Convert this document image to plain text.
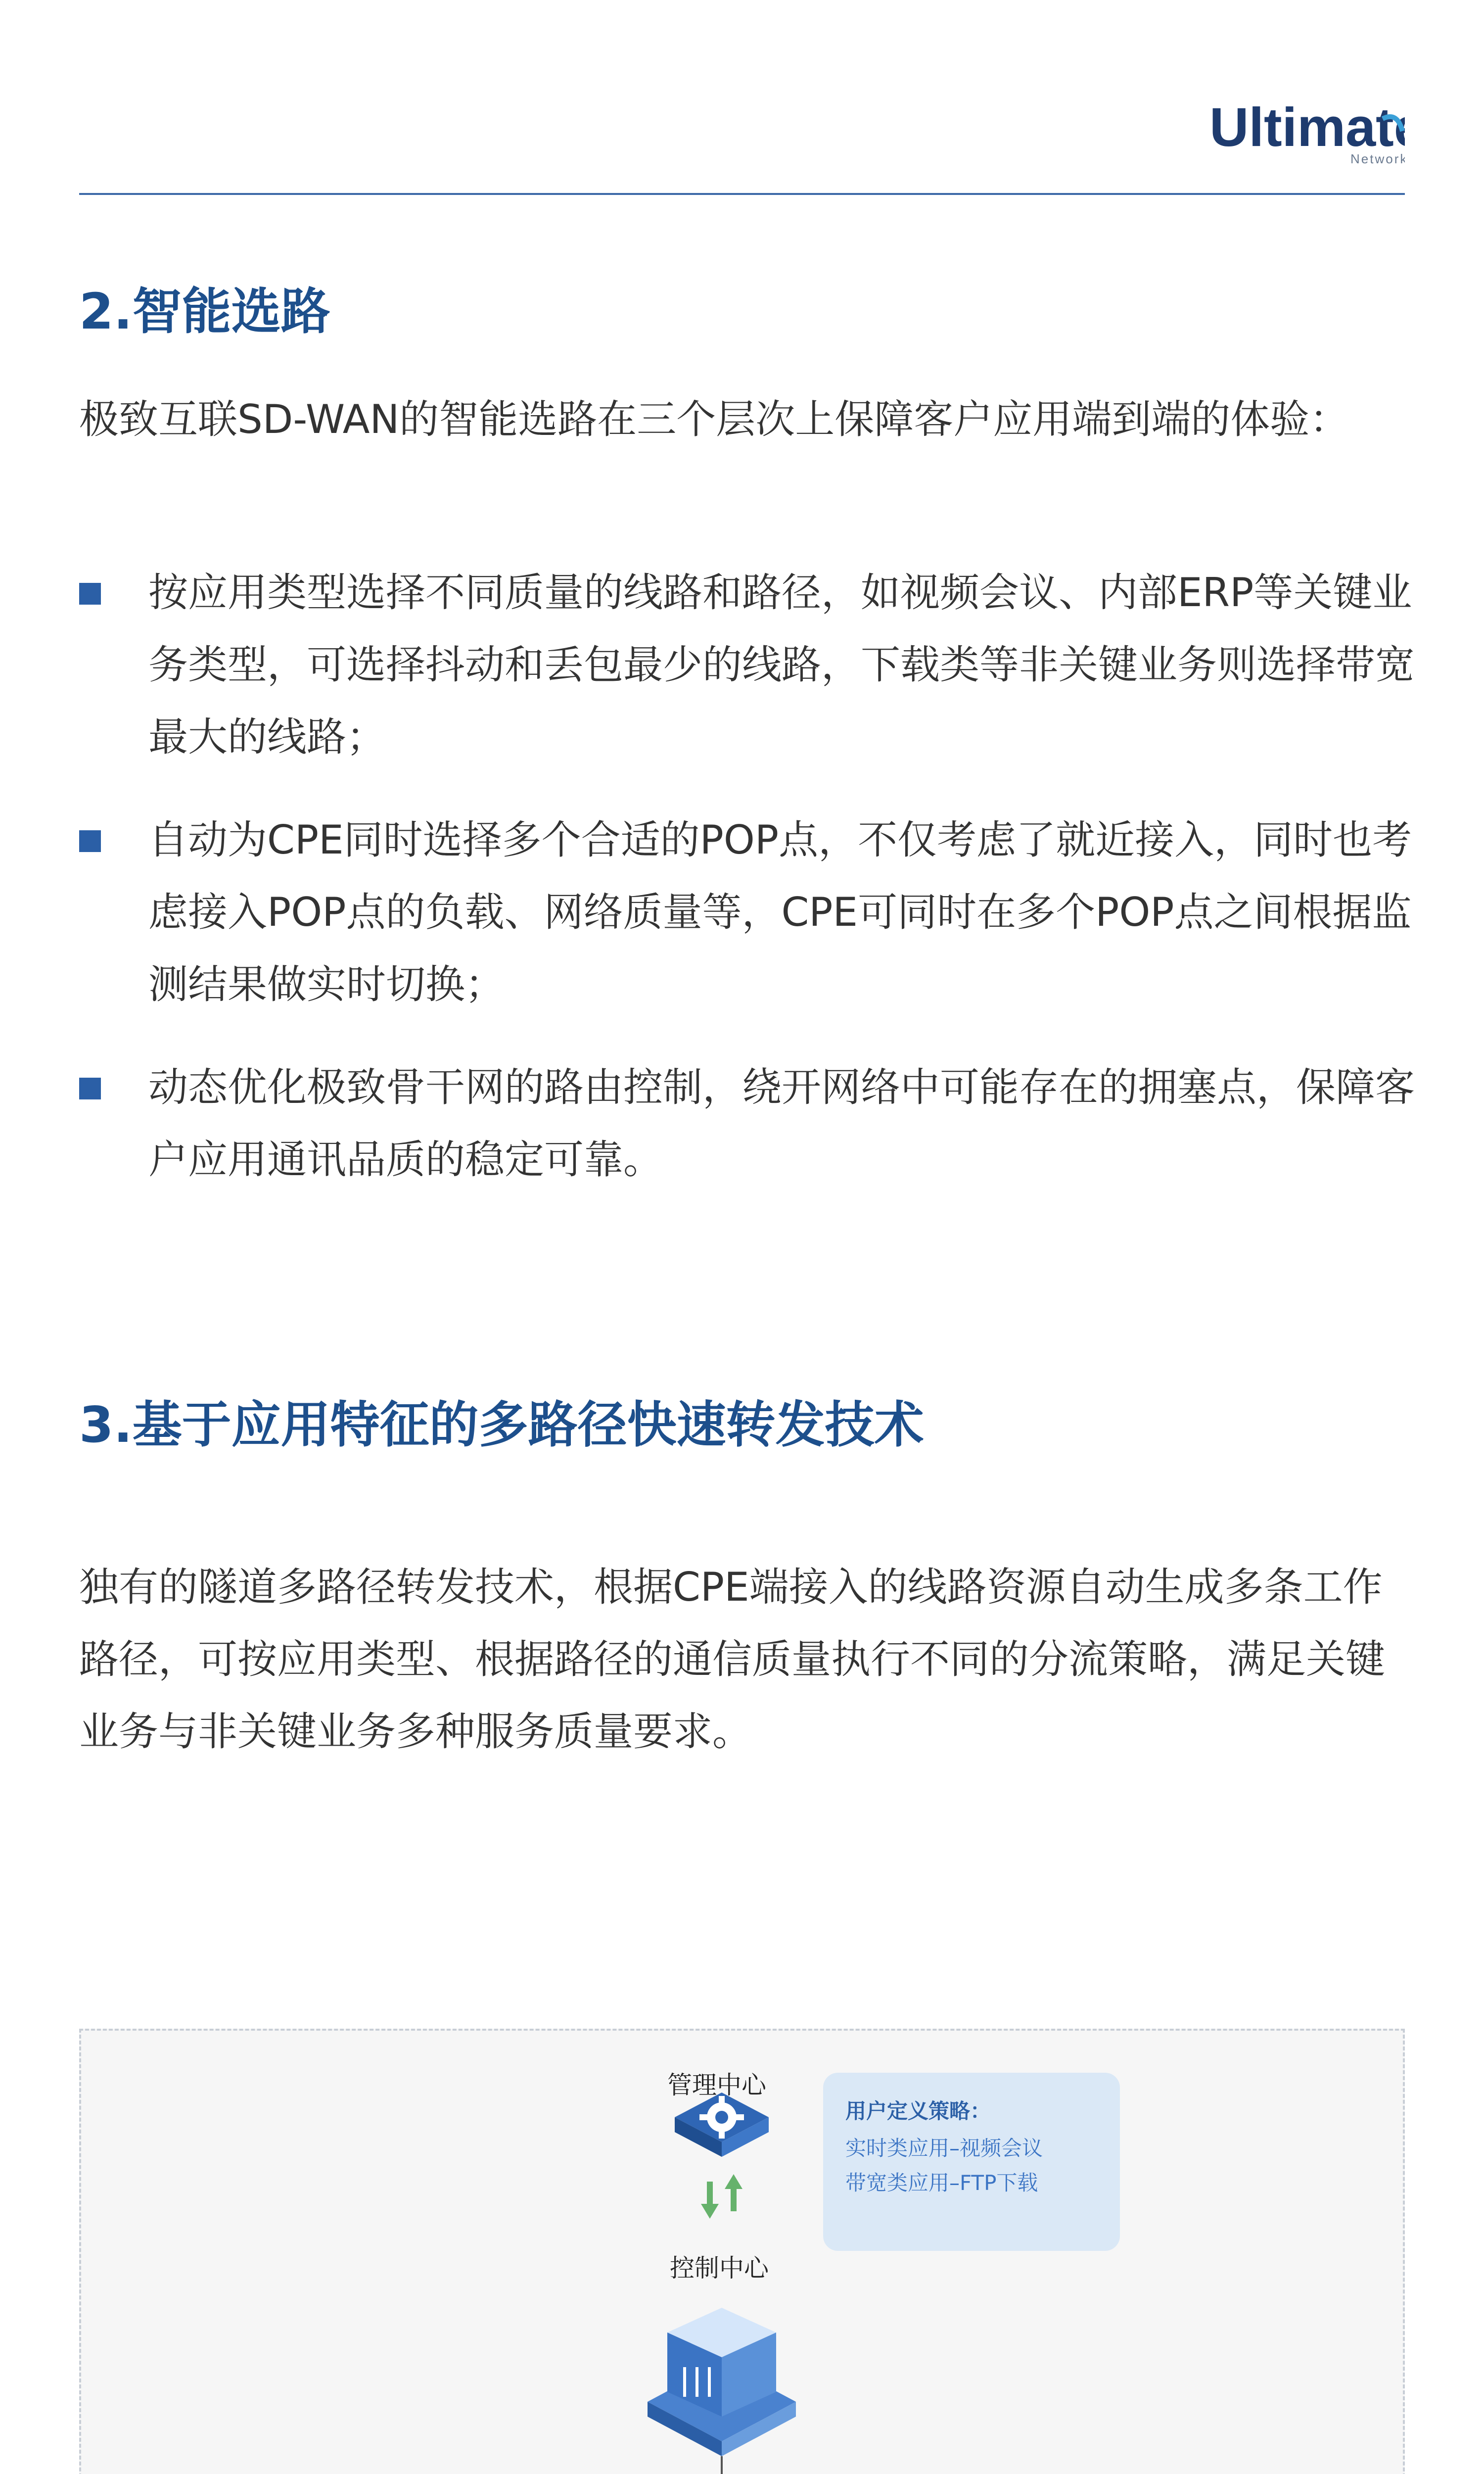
Ultimate
Network
2.智能选路
极致互联SD-WAN的智能选路在三个层次上保障客户应用端到端的体验：
按应用类型选择不同质量的线路和路径，如视频会议、内部ERP等关键业务类型，可选择抖动和丢包最少的线路，下载类等非关键业务则选择带宽最大的线路；
自动为CPE同时选择多个合适的POP点，不仅考虑了就近接入，同时也考虑接入POP点的负载、网络质量等，CPE可同时在多个POP点之间根据监测结果做实时切换；
动态优化极致骨干网的路由控制，绕开网络中可能存在的拥塞点，保障客户应用通讯品质的稳定可靠。
3.基于应用特征的多路径快速转发技术
独有的隧道多路径转发技术，根据CPE端接入的线路资源自动生成多条工作路径，可按应用类型、根据路径的通信质量执行不同的分流策略，满足关键业务与非关键业务多种服务质量要求。
管理中心
控制中心
用户定义策略：
实时类应用–视频会议
带宽类应用–FTP下载
